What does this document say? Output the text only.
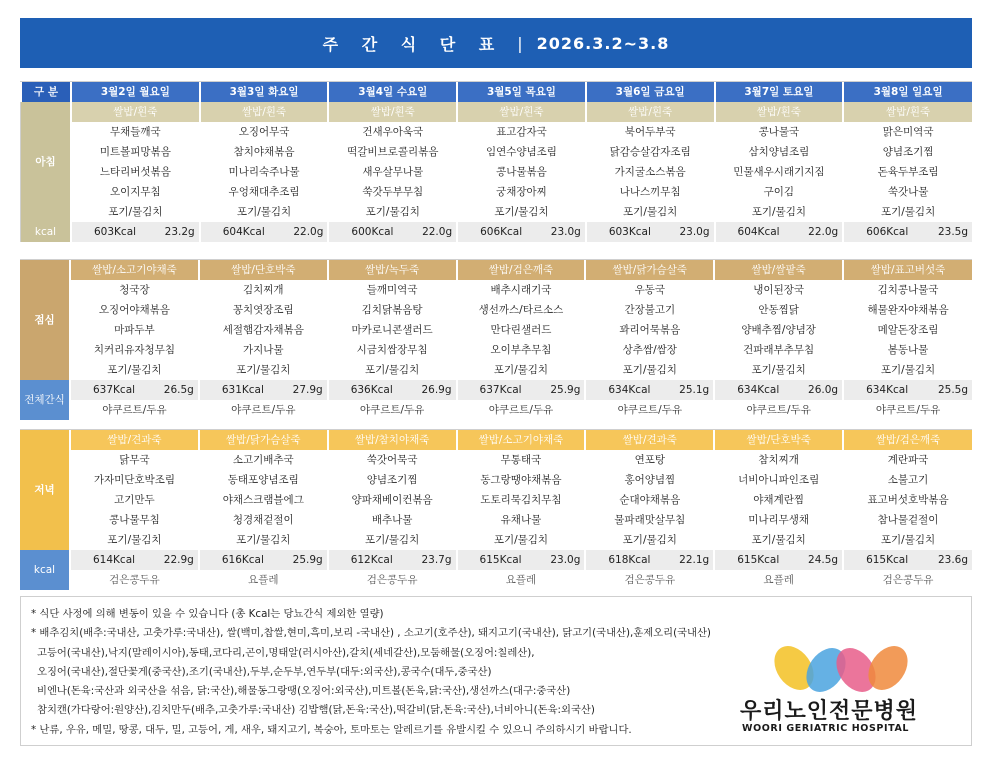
주 간 식 단 표 | 2026.3.2~3.8
구 분	3월2일 월요일	3월3일 화요일	3월4일 수요일	3월5일 목요일	3월6일 금요일	3월7일 토요일	3월8일 일요일
아침	쌀밥/흰죽	쌀밥/흰죽	쌀밥/흰죽	쌀밥/흰죽	쌀밥/흰죽	쌀밥/흰죽	쌀밥/흰죽
	무채들깨국	오징어무국	건새우아욱국	표고감자국	북어두부국	콩나물국	맑은미역국
	미트볼피망볶음	참치야채볶음	떡갈비브로콜리볶음	임연수양념조림	닭감승살감자조림	삼치양념조림	양념조기찜
	느타리버섯볶음	미나리숙주나물	새우살무나물	콩나물볶음	가지굴소스볶음	민물새우시래기지짐	돈육두부조림
	오이지무침	우엉채대추조림	쑥갓두부무침	궁채장아찌	나나스끼무침	구이김	쑥갓나물
	포기/물김치	포기/물김치	포기/물김치	포기/물김치	포기/물김치	포기/물김치	포기/물김치
kcal	603Kcal 23.2g	604Kcal 22.0g	600Kcal 22.0g	606Kcal 23.0g	603Kcal 23.0g	604Kcal 22.0g	606Kcal 23.5g
점심	쌀밥/소고기야채죽	쌀밥/단호박죽	쌀밥/녹두죽	쌀밥/검은깨죽	쌀밥/닭가슴살죽	쌀밥/쌀팥죽	쌀밥/표고버섯죽
	청국장	김치찌개	들깨미역국	배추시래기국	우동국	냉이된장국	김치콩나물국
	오징어야채볶음	꽁치엿장조림	김치닭볶음탕	생선까스/타르소스	간장불고기	안동찜닭	해물완자야채볶음
	마파두부	세절햄감자채볶음	마카로니콘샐러드	만다린샐러드	꽈리어묵볶음	양배추찜/양념장	메알돈장조림
	치커리유자청무침	가지나물	시금치쌈장무침	오이부추무침	상추쌈/쌈장	건파래부추무침	봄동나물
	포기/물김치	포기/물김치	포기/물김치	포기/물김치	포기/물김치	포기/물김치	포기/물김치
전체간식	637Kcal 26.5g	631Kcal 27.9g	636Kcal 26.9g	637Kcal 25.9g	634Kcal 25.1g	634Kcal 26.0g	634Kcal 25.5g

	야쿠르트/두유	야쿠르트/두유	야쿠르트/두유	야쿠르트/두유	야쿠르트/두유	야쿠르트/두유	야쿠르트/두유
저녁	쌀밥/견과죽	쌀밥/닭가슴살죽	쌀밥/참치야채죽	쌀밥/소고기야채죽	쌀밥/견과죽	쌀밥/단호박죽	쌀밥/검은깨죽
	닭무국	소고기배추국	쑥갓어묵국	무통태국	연포탕	참치찌개	계란파국
	가자미단호박조림	동태포양념조림	양념조기찜	동그랑땡야채볶음	홍어양념찜	너비아니파인조림	소불고기
	고기만두	야채스크램블에그	양파채베이컨볶음	도토리묵김치무침	순대야채볶음	야채계란찜	표고버섯호박볶음
	콩나물무침	청경채겉절이	배추나물	유채나물	물파래맛살무침	미나리무생채	참나물겉절이
	포기/물김치	포기/물김치	포기/물김치	포기/물김치	포기/물김치	포기/물김치	포기/물김치
kcal	614Kcal 22.9g	616Kcal 25.9g	612Kcal 23.7g	615Kcal 23.0g	618Kcal 22.1g	615Kcal 24.5g	615Kcal 23.6g

	검은콩두유	요플레	검은콩두유	요플레	검은콩두유	요플레	검은콩두유
* 식단 사정에 의해 변동이 있을 수 있습니다 (총 Kcal는 당뇨간식 제외한 열량)
* 배추김치(배추:국내산, 고춧가루:국내산), 쌀(백미,찹쌀,현미,흑미,보리 -국내산) , 소고기(호주산), 돼지고기(국내산), 닭고기(국내산),훈제오리(국내산)
고등어(국내산),낙지(말레이시아),동태,코다리,곤이,명태알(러시아산),갈치(세네갈산),모둠해물(오징어:칠레산),
오징어(국내산),절단꽃게(중국산),조기(국내산),두부,순두부,연두부(대두:외국산),콩국수(대두,중국산)
비엔나(돈육:국산과 외국산을 섞음, 닭:국산),해물동그랑땡(오징어:외국산),미트볼(돈육,닭:국산),생선까스(대구:중국산)
참치캔(가다랑어:원양산),김치만두(배추,고춧가루:국내산) 김밥햄(닭,돈육:국산),떡갈비(닭,돈육:국산),너비아니(돈육:외국산)
* 난류, 우유, 메밀, 땅콩, 대두, 밀, 고등어, 게, 새우, 돼지고기, 복숭아, 토마토는 알레르기를 유발시킬 수 있으니 주의하시기 바랍니다.
우리노인전문병원
WOORI GERIATRIC HOSPITAL
